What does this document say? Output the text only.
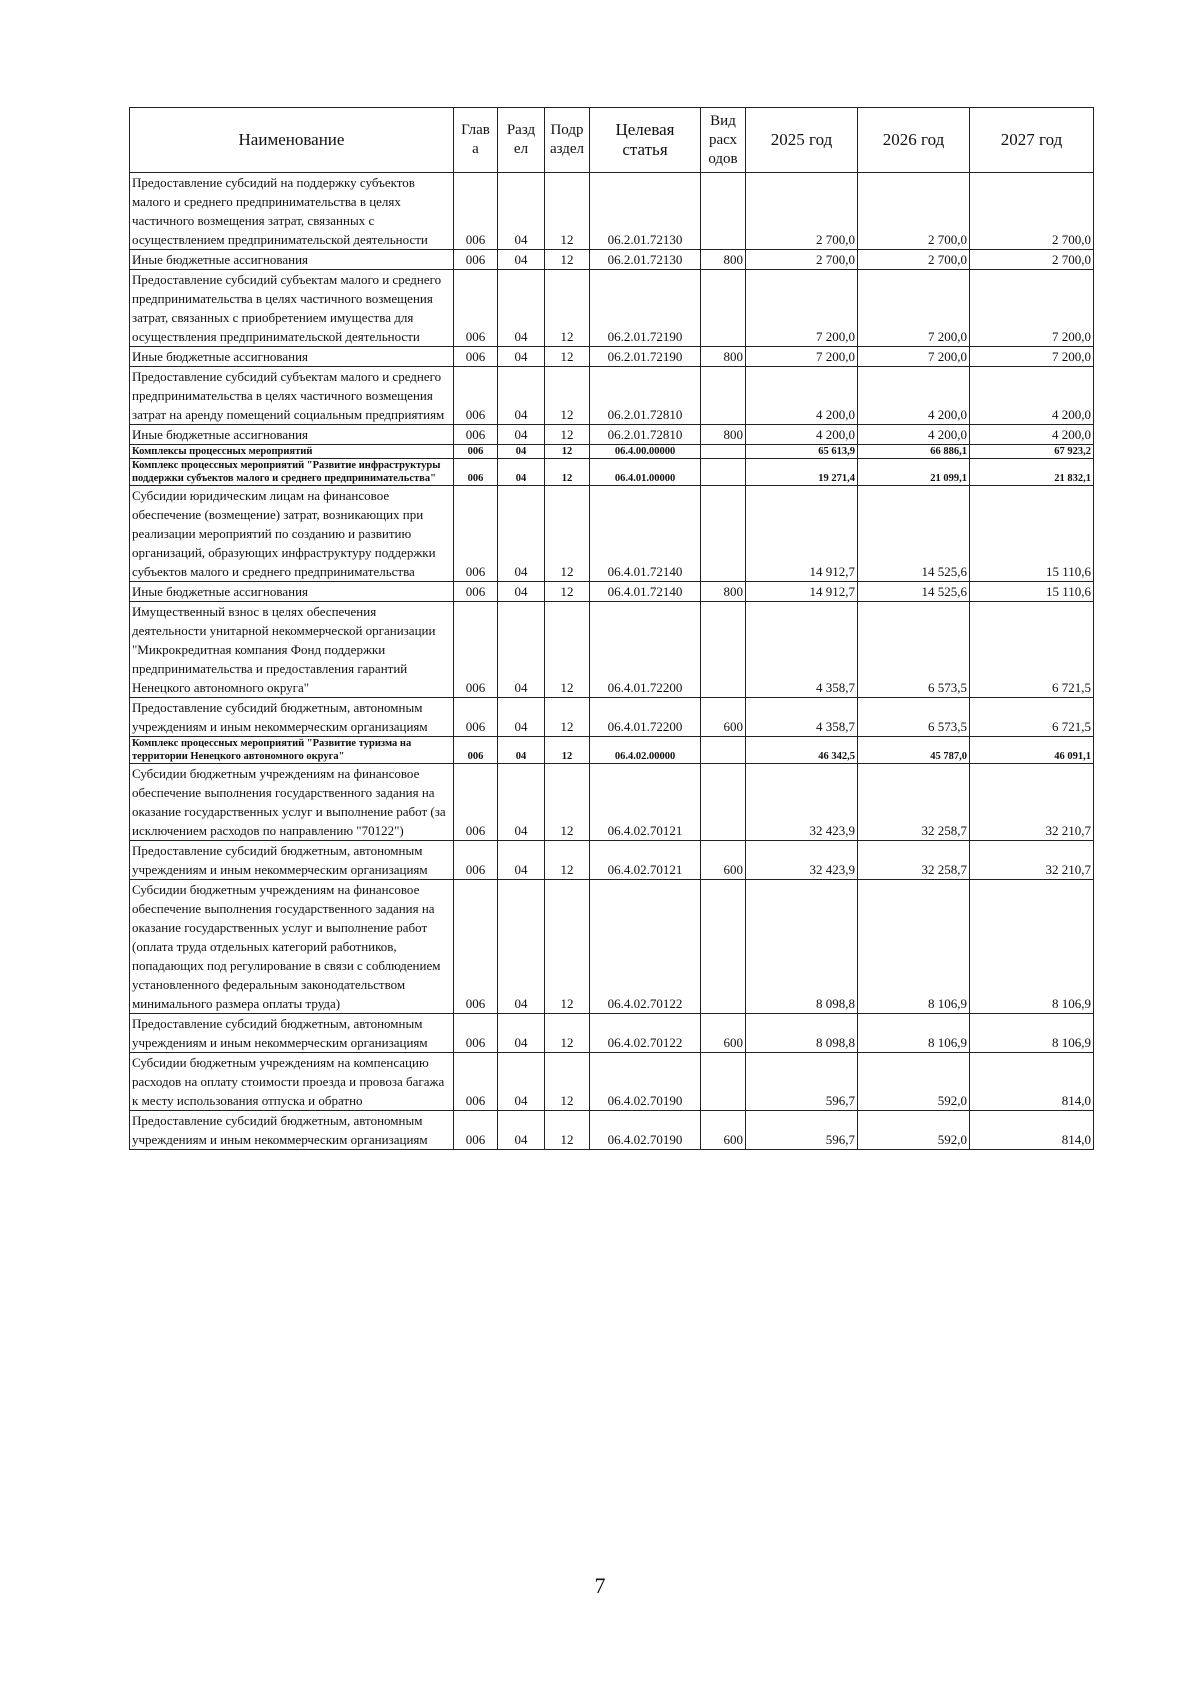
Наименование	Глав а	Разд ел	Подр аздел	Целевая статья	Вид расх одов	2025 год	2026 год	2027 год
Предоставление субсидий на поддержку субъектов малого и среднего предпринимательства в целях частичного возмещения затрат, связанных с осуществлением предпринимательской деятельности	006	04	12	06.2.01.72130		2 700,0	2 700,0	2 700,0
Иные бюджетные ассигнования	006	04	12	06.2.01.72130	800	2 700,0	2 700,0	2 700,0
Предоставление субсидий субъектам малого и среднего предпринимательства в целях частичного возмещения затрат, связанных с приобретением имущества для осуществления предпринимательской деятельности	006	04	12	06.2.01.72190		7 200,0	7 200,0	7 200,0
Иные бюджетные ассигнования	006	04	12	06.2.01.72190	800	7 200,0	7 200,0	7 200,0
Предоставление субсидий субъектам малого и среднего предпринимательства в целях частичного возмещения затрат на аренду помещений социальным предприятиям	006	04	12	06.2.01.72810		4 200,0	4 200,0	4 200,0
Иные бюджетные ассигнования	006	04	12	06.2.01.72810	800	4 200,0	4 200,0	4 200,0
Комплексы процессных мероприятий	006	04	12	06.4.00.00000		65 613,9	66 886,1	67 923,2
Комплекс процессных мероприятий "Развитие инфраструктуры поддержки субъектов малого и среднего предпринимательства"	006	04	12	06.4.01.00000		19 271,4	21 099,1	21 832,1
Субсидии юридическим лицам на финансовое обеспечение (возмещение) затрат, возникающих при реализации мероприятий по созданию и развитию организаций, образующих инфраструктуру поддержки субъектов малого и среднего предпринимательства	006	04	12	06.4.01.72140		14 912,7	14 525,6	15 110,6
Иные бюджетные ассигнования	006	04	12	06.4.01.72140	800	14 912,7	14 525,6	15 110,6
Имущественный взнос в целях обеспечения деятельности унитарной некоммерческой организации "Микрокредитная компания Фонд поддержки предпринимательства и предоставления гарантий Ненецкого автономного округа"	006	04	12	06.4.01.72200		4 358,7	6 573,5	6 721,5
Предоставление субсидий бюджетным, автономным учреждениям и иным некоммерческим организациям	006	04	12	06.4.01.72200	600	4 358,7	6 573,5	6 721,5
Комплекс процессных мероприятий "Развитие туризма на территории Ненецкого автономного округа"	006	04	12	06.4.02.00000		46 342,5	45 787,0	46 091,1
Субсидии бюджетным учреждениям на финансовое обеспечение выполнения государственного задания на оказание государственных услуг и выполнение работ (за исключением расходов по направлению "70122")	006	04	12	06.4.02.70121		32 423,9	32 258,7	32 210,7
Предоставление субсидий бюджетным, автономным учреждениям и иным некоммерческим организациям	006	04	12	06.4.02.70121	600	32 423,9	32 258,7	32 210,7
Субсидии бюджетным учреждениям на финансовое обеспечение выполнения государственного задания на оказание государственных услуг и выполнение работ (оплата труда отдельных категорий работников, попадающих под регулирование в связи с соблюдением установленного федеральным законодательством минимального размера оплаты труда)	006	04	12	06.4.02.70122		8 098,8	8 106,9	8 106,9
Предоставление субсидий бюджетным, автономным учреждениям и иным некоммерческим организациям	006	04	12	06.4.02.70122	600	8 098,8	8 106,9	8 106,9
Субсидии бюджетным учреждениям на компенсацию расходов на оплату стоимости проезда и провоза багажа к месту использования отпуска и обратно	006	04	12	06.4.02.70190		596,7	592,0	814,0
Предоставление субсидий бюджетным, автономным учреждениям и иным некоммерческим организациям	006	04	12	06.4.02.70190	600	596,7	592,0	814,0
7
